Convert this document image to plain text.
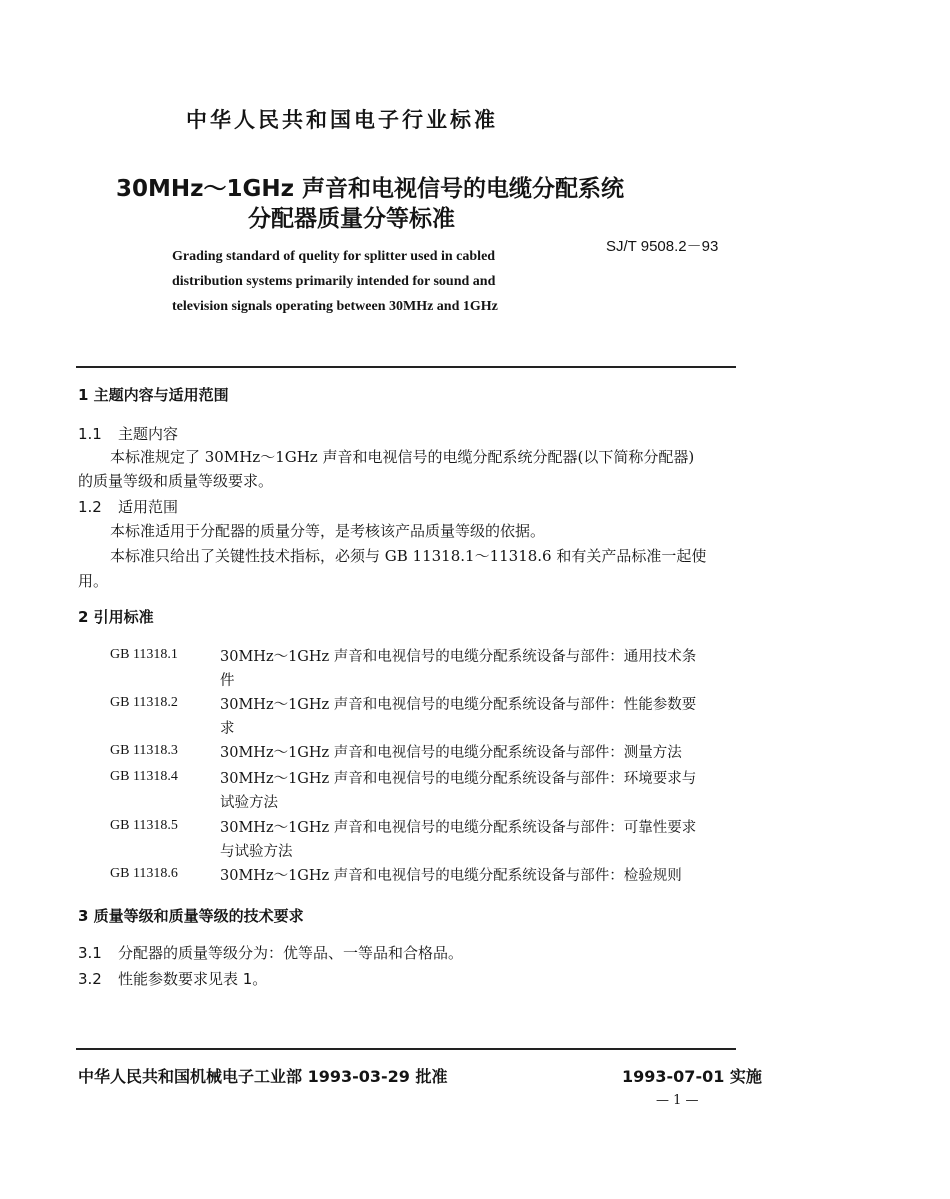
中华人民共和国电子行业标准
30MHz～1GHz 声音和电视信号的电缆分配系统
分配器质量分等标准
SJ/T 9508.2－93
Grading standard of quelity for splitter used in cabled
distribution systems primarily intended for sound and
television signals operating between 30MHz and 1GHz
1 主题内容与适用范围
1.1 主题内容
本标准规定了 30MHz～1GHz 声音和电视信号的电缆分配系统分配器(以下简称分配器)
的质量等级和质量等级要求。
1.2 适用范围
本标准适用于分配器的质量分等，是考核该产品质量等级的依据。
本标准只给出了关键性技术指标，必须与 GB 11318.1～11318.6 和有关产品标准一起使
用。
2 引用标准
GB 11318.1	30MHz～1GHz 声音和电视信号的电缆分配系统设备与部件：通用技术条
件
GB 11318.2	30MHz～1GHz 声音和电视信号的电缆分配系统设备与部件：性能参数要
求
GB 11318.3	30MHz～1GHz 声音和电视信号的电缆分配系统设备与部件：测量方法
GB 11318.4	30MHz～1GHz 声音和电视信号的电缆分配系统设备与部件：环境要求与
试验方法
GB 11318.5	30MHz～1GHz 声音和电视信号的电缆分配系统设备与部件：可靠性要求
与试验方法
GB 11318.6	30MHz～1GHz 声音和电视信号的电缆分配系统设备与部件：检验规则
3 质量等级和质量等级的技术要求
3.1 分配器的质量等级分为：优等品、一等品和合格品。
3.2 性能参数要求见表 1。
中华人民共和国机械电子工业部 1993-03-29 批准	1993-07-01 实施
— 1 —
